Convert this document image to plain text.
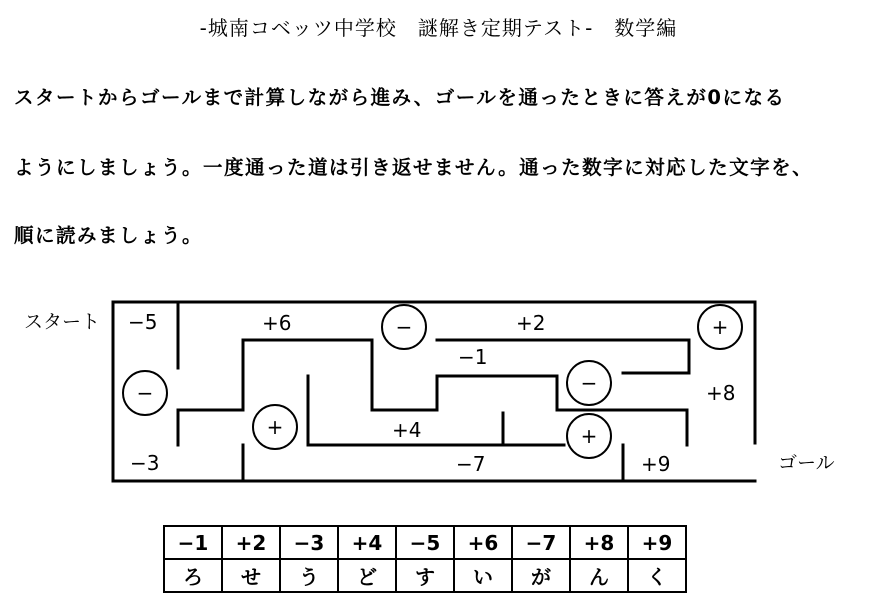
-城南コベッツ中学校　謎解き定期テスト-　数学編
スタートからゴールまで計算しながら進み、ゴールを通ったときに答えが0になる
ようにしましょう。一度通った道は引き返せません。通った数字に対応した文字を、
順に読みましょう。
スタート
ゴール
−5	+6	+2
−1
+8
−3
+4
−7	+9
−
−	+
−
+	+
−1	+2	−3	+4	−5	+6	−7	+8	+9
ろ	せ	う	ど	す	い	が	ん	く
